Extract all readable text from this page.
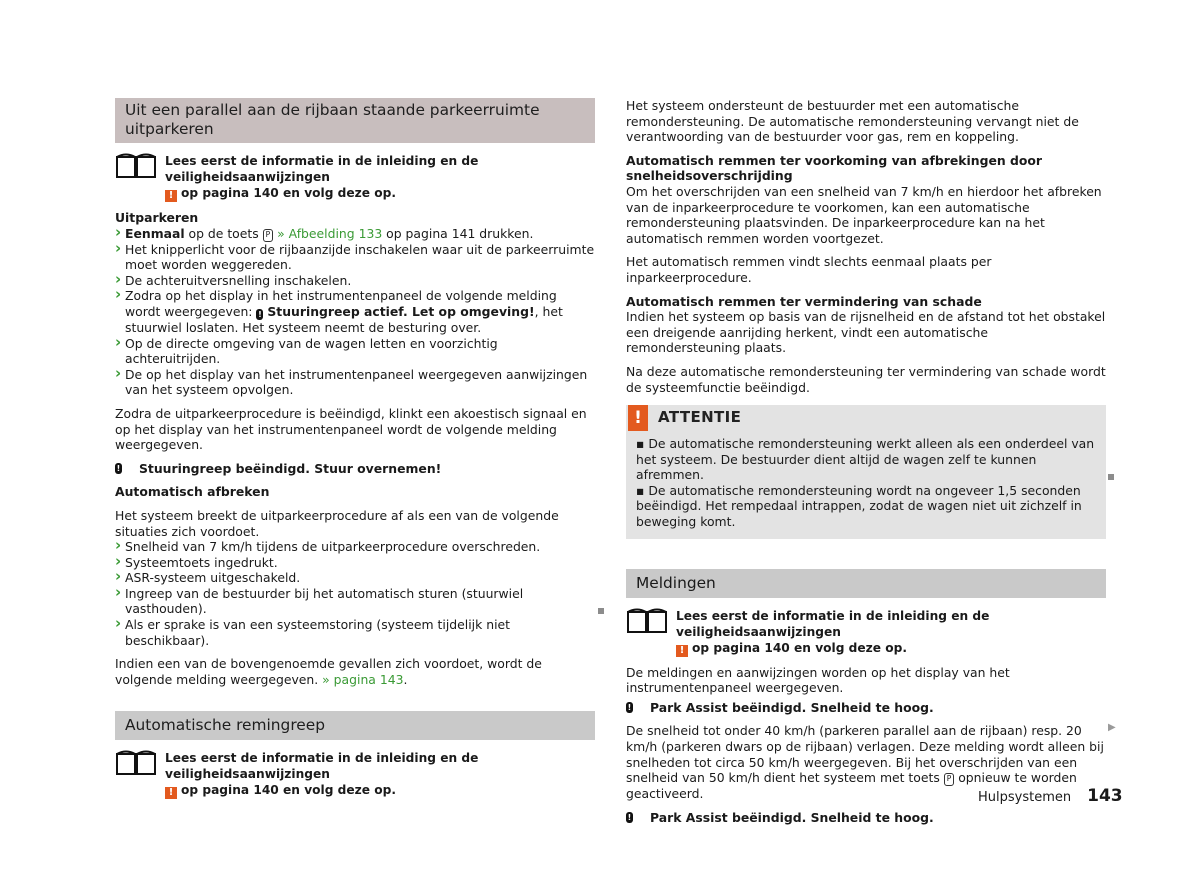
Uit een parallel aan de rijbaan staande parkeerruimte uitparkeren
Lees eerst de informatie in de inleiding en de veiligheidsaanwijzingen
! op pagina 140 en volg deze op.

Uitparkeren

› Eenmaal op de toets P » Afbeelding 133 op pagina 141 drukken.
› Het knipperlicht voor de rijbaanzijde inschakelen waar uit de parkeerruimte moet worden weggereden.
› De achteruitversnelling inschakelen.
› Zodra op het display in het instrumentenpaneel de volgende melding wordt weergegeven: ! Stuuringreep actief. Let op omgeving!, het stuurwiel loslaten. Het systeem neemt de besturing over.
› Op de directe omgeving van de wagen letten en voorzichtig achteruitrijden.
› De op het display van het instrumentenpaneel weergegeven aanwijzingen van het systeem opvolgen.

Zodra de uitparkeerprocedure is beëindigd, klinkt een akoestisch signaal en op het display van het instrumentenpaneel wordt de volgende melding weergegeven.

! Stuuringreep beëindigd. Stuur overnemen!

Automatisch afbreken

Het systeem breekt de uitparkeerprocedure af als een van de volgende situaties zich voordoet.

› Snelheid van 7 km/h tijdens de uitparkeerprocedure overschreden.
› Systeemtoets ingedrukt.
› ASR-systeem uitgeschakeld.
› Ingreep van de bestuurder bij het automatisch sturen (stuurwiel vasthouden).
› Als er sprake is van een systeemstoring (systeem tijdelijk niet beschikbaar).

Indien een van de bovengenoemde gevallen zich voordoet, wordt de volgende melding weergegeven. » pagina 143.

Automatische remingreep
Lees eerst de informatie in de inleiding en de veiligheidsaanwijzingen
! op pagina 140 en volg deze op.

Het systeem ondersteunt de bestuurder met een automatische remondersteuning. De automatische remondersteuning vervangt niet de verantwoording van de bestuurder voor gas, rem en koppeling.

Automatisch remmen ter voorkoming van afbrekingen door snelheidsoverschrijding

Om het overschrijden van een snelheid van 7 km/h en hierdoor het afbreken van de inparkeerprocedure te voorkomen, kan een automatische remondersteuning plaatsvinden. De inparkeerprocedure kan na het automatisch remmen worden voortgezet.

Het automatisch remmen vindt slechts eenmaal plaats per inparkeerprocedure.

Automatisch remmen ter vermindering van schade

Indien het systeem op basis van de rijsnelheid en de afstand tot het obstakel een dreigende aanrijding herkent, vindt een automatische remondersteuning plaats.

Na deze automatische remondersteuning ter vermindering van schade wordt de systeemfunctie beëindigd.

!	ATTENTIE

▪ De automatische remondersteuning werkt alleen als een onderdeel van het systeem. De bestuurder dient altijd de wagen zelf te kunnen afremmen.

▪ De automatische remondersteuning wordt na ongeveer 1,5 seconden beëindigd. Het rempedaal intrappen, zodat de wagen niet uit zichzelf in beweging komt.

Meldingen
Lees eerst de informatie in de inleiding en de veiligheidsaanwijzingen
! op pagina 140 en volg deze op.

De meldingen en aanwijzingen worden op het display van het instrumentenpaneel weergegeven.

! Park Assist beëindigd. Snelheid te hoog.

De snelheid tot onder 40 km/h (parkeren parallel aan de rijbaan) resp. 20 km/h (parkeren dwars op de rijbaan) verlagen. Deze melding wordt alleen bij snelheden tot circa 50 km/h weergegeven. Bij het overschrijden van een snelheid van 50 km/h dient het systeem met toets P opnieuw te worden geactiveerd.

! Park Assist beëindigd. Snelheid te hoog.
▶
Hulpsystemen 143
